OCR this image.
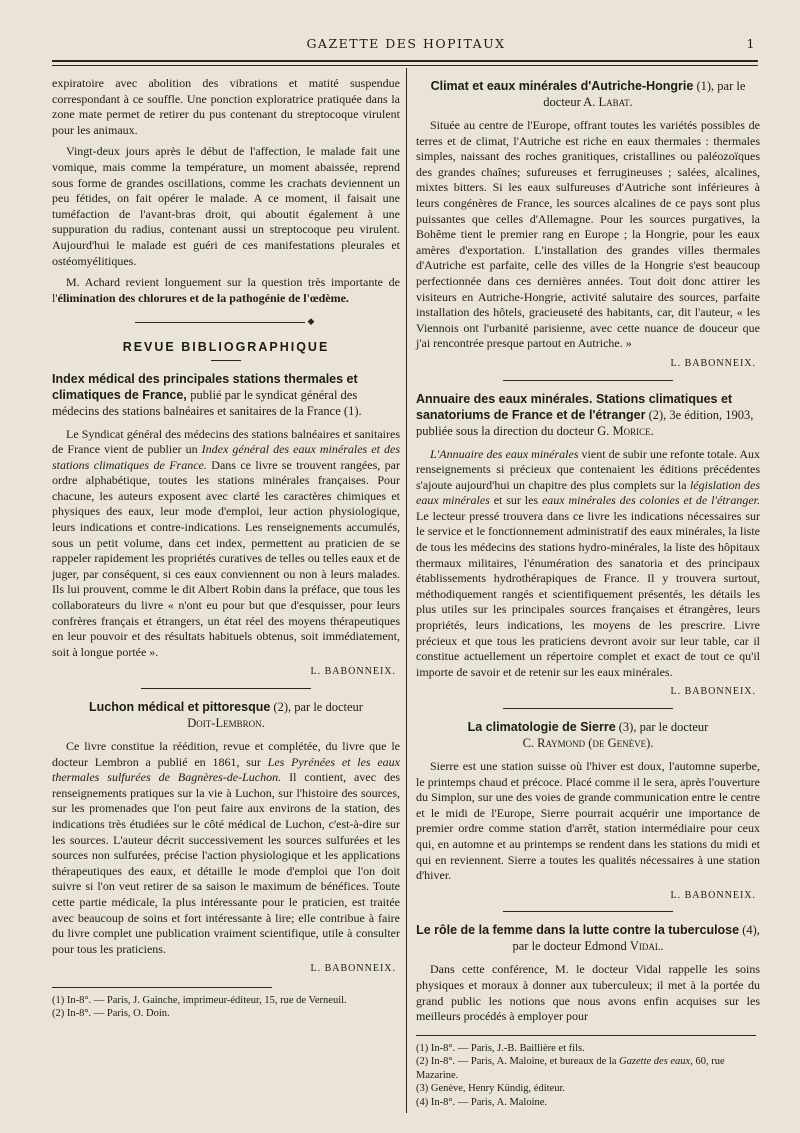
GAZETTE DES HOPITAUX	1

expiratoire avec abolition des vibrations et matité suspendue correspondant à ce souffle. Une ponction exploratrice pratiquée dans la zone mate permet de retirer du pus contenant du streptocoque virulent pour les animaux.

Vingt-deux jours après le début de l'affection, le malade fait une vomique, mais comme la température, un moment abaissée, reprend sous forme de grandes oscillations, comme les crachats deviennent un peu fétides, on fait opérer le malade. A ce moment, il faisait une tuméfaction de l'avant-bras droit, qui aboutit également à une suppuration du radius, contenant aussi un streptocoque peu virulent. Aujourd'hui le malade est guéri de ces manifestations pleurales et ostéomyélitiques.

M. Achard revient longuement sur la question très importante de l'élimination des chlorures et de la pathogénie de l'œdème.

◆
REVUE BIBLIOGRAPHIQUE
Index médical des principales stations thermales et climatiques de France, publié par le syndicat général des médecins des stations balnéaires et sanitaires de la France (1).

Le Syndicat général des médecins des stations balnéaires et sanitaires de France vient de publier un Index général des eaux minérales et des stations climatiques de France. Dans ce livre se trouvent rangées, par ordre alphabétique, toutes les stations minérales françaises. Pour chacune, les auteurs exposent avec clarté les caractères chimiques et physiques des eaux, leur mode d'emploi, leur action physiologique, leurs indications et contre-indications. Les renseignements accumulés, sous un petit volume, dans cet index, permettent au praticien de se rappeler rapidement les propriétés curatives de telles ou telles eaux et de juger, par conséquent, si ces eaux conviennent ou non à leurs malades. Ils lui prouvent, comme le dit Albert Robin dans la préface, que tous les collaborateurs du livre « n'ont eu pour but que d'esquisser, pour leurs confrères français et étrangers, un état réel des moyens thérapeutiques en leur pouvoir et des résultats habituels obtenus, soit immédiatement, soit à longue portée ».

L. BABONNEIX.
Luchon médical et pittoresque (2), par le docteur
Doit-Lembron.

Ce livre constitue la réédition, revue et complétée, du livre que le docteur Lembron a publié en 1861, sur Les Pyrénées et les eaux thermales sulfurées de Bagnères-de-Luchon. Il contient, avec des renseignements pratiques sur la vie à Luchon, sur l'histoire des sources, sur les promenades que l'on peut faire aux environs de la station, des indications très étudiées sur le côté médical de Luchon, c'est-à-dire sur les sources. L'auteur décrit successivement les sources sulfurées et les sources non sulfurées, précise l'action physiologique et les applications thérapeutiques des eaux, et détaille le mode d'emploi que l'on doit suivre si l'on veut retirer de sa saison le maximum de bénéfices. Toute cette partie médicale, la plus intéressante pour le praticien, est traitée avec beaucoup de soins et fort intéressante à lire; elle contribue à faire du livre complet une publication vraiment scientifique, utile à consulter pour tous les praticiens.

L. BABONNEIX.

(1) In-8°. — Paris, J. Gainche, imprimeur-éditeur, 15, rue de Verneuil.

(2) In-8°. — Paris, O. Doin.

Climat et eaux minérales d'Autriche-Hongrie (1), par le docteur A. Labat.

Située au centre de l'Europe, offrant toutes les variétés possibles de terres et de climat, l'Autriche est riche en eaux thermales : thermales simples, naissant des roches granitiques, cristallines ou paléozoïques des grandes chaînes; sufureuses et ferrugineuses ; salées, alcalines, mixtes bitters. Si les eaux sulfureuses d'Autriche sont inférieures à leurs congénères de France, les sources alcalines de ce pays sont plus puissantes que celles d'Allemagne. Pour les sources purgatives, la Bohême tient le premier rang en Europe ; la Hongrie, pour les eaux amères d'exportation. L'installation des grandes villes thermales d'Autriche est parfaite, celle des villes de la Hongrie s'est beaucoup perfectionnée dans ces dernières années. Tout doit donc attirer les visiteurs en Autriche-Hongrie, activité salutaire des sources, parfaite installation des hôtels, gracieuseté des habitants, car, dit l'auteur, « les Viennois ont l'urbanité parisienne, avec cette nuance de douceur que j'ai rencontrée presque partout en Autriche. »

L. BABONNEIX.
Annuaire des eaux minérales. Stations climatiques et sanatoriums de France et de l'étranger (2), 3e édition, 1903, publiée sous la direction du docteur G. Morice.

L'Annuaire des eaux minérales vient de subir une refonte totale. Aux renseignements si précieux que contenaient les éditions précédentes s'ajoute aujourd'hui un chapitre des plus complets sur la législation des eaux minérales et sur les eaux minérales des colonies et de l'étranger. Le lecteur pressé trouvera dans ce livre les indications nécessaires sur le service et le fonctionnement administratif des eaux minérales, la liste de tous les médecins des stations hydro-minérales, la liste des hôpitaux thermaux militaires, l'énumération des sanatoria et des principaux établissements hydrothérapiques de France. Il y trouvera surtout, méthodiquement rangés et scientifiquement présentés, les détails les plus utiles sur les principales sources françaises et étrangères, leurs propriétés, leurs indications, les moyens de les prescrire. Livre précieux et que tous les praticiens devront avoir sur leur table, car il constitue actuellement un répertoire complet et exact de tout ce qu'il importe de savoir et de retenir sur les eaux minérales.

L. BABONNEIX.
La climatologie de Sierre (3), par le docteur
C. Raymond (de Genève).

Sierre est une station suisse où l'hiver est doux, l'automne superbe, le printemps chaud et précoce. Placé comme il le sera, après l'ouverture du Simplon, sur une des voies de grande communication entre le centre et le midi de l'Europe, Sierre pourrait acquérir une importance de premier ordre comme station d'arrêt, station intermédiaire pour ceux qui, en automne et au printemps se rendent dans les stations du midi et qui en reviennent. Sierre a toutes les qualités nécessaires à une station d'hiver.

L. BABONNEIX.
Le rôle de la femme dans la lutte contre la tuberculose (4), par le docteur Edmond Vidal.

Dans cette conférence, M. le docteur Vidal rappelle les soins physiques et moraux à donner aux tuberculeux; il met à la portée du grand public les notions que nous avons enfin acquises sur les meilleurs procédés à employer pour

(1) In-8°. — Paris, J.-B. Baillière et fils.

(2) In-8°. — Paris, A. Maloine, et bureaux de la Gazette des eaux, 60, rue Mazarine.

(3) Genève, Henry Kündig, éditeur.

(4) In-8°. — Paris, A. Maloine.
